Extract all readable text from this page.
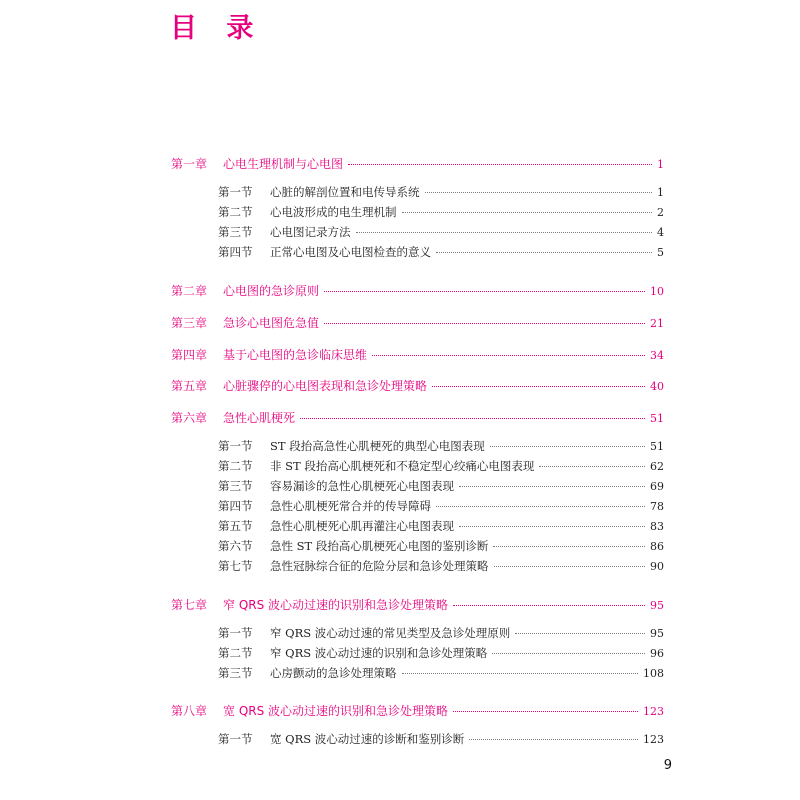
目 录
第一章	心电生理机制与心电图	1
第一节	心脏的解剖位置和电传导系统	1
第二节	心电波形成的电生理机制	2
第三节	心电图记录方法	4
第四节	正常心电图及心电图检查的意义	5
第二章	心电图的急诊原则	10
第三章	急诊心电图危急值	21
第四章	基于心电图的急诊临床思维	34
第五章	心脏骤停的心电图表现和急诊处理策略	40
第六章	急性心肌梗死	51
第一节	ST 段抬高急性心肌梗死的典型心电图表现	51
第二节	非 ST 段抬高心肌梗死和不稳定型心绞痛心电图表现	62
第三节	容易漏诊的急性心肌梗死心电图表现	69
第四节	急性心肌梗死常合并的传导障碍	78
第五节	急性心肌梗死心肌再灌注心电图表现	83
第六节	急性 ST 段抬高心肌梗死心电图的鉴别诊断	86
第七节	急性冠脉综合征的危险分层和急诊处理策略	90
第七章	窄 QRS 波心动过速的识别和急诊处理策略	95
第一节	窄 QRS 波心动过速的常见类型及急诊处理原则	95
第二节	窄 QRS 波心动过速的识别和急诊处理策略	96
第三节	心房颤动的急诊处理策略	108
第八章	宽 QRS 波心动过速的识别和急诊处理策略	123
第一节	宽 QRS 波心动过速的诊断和鉴别诊断	123
9
